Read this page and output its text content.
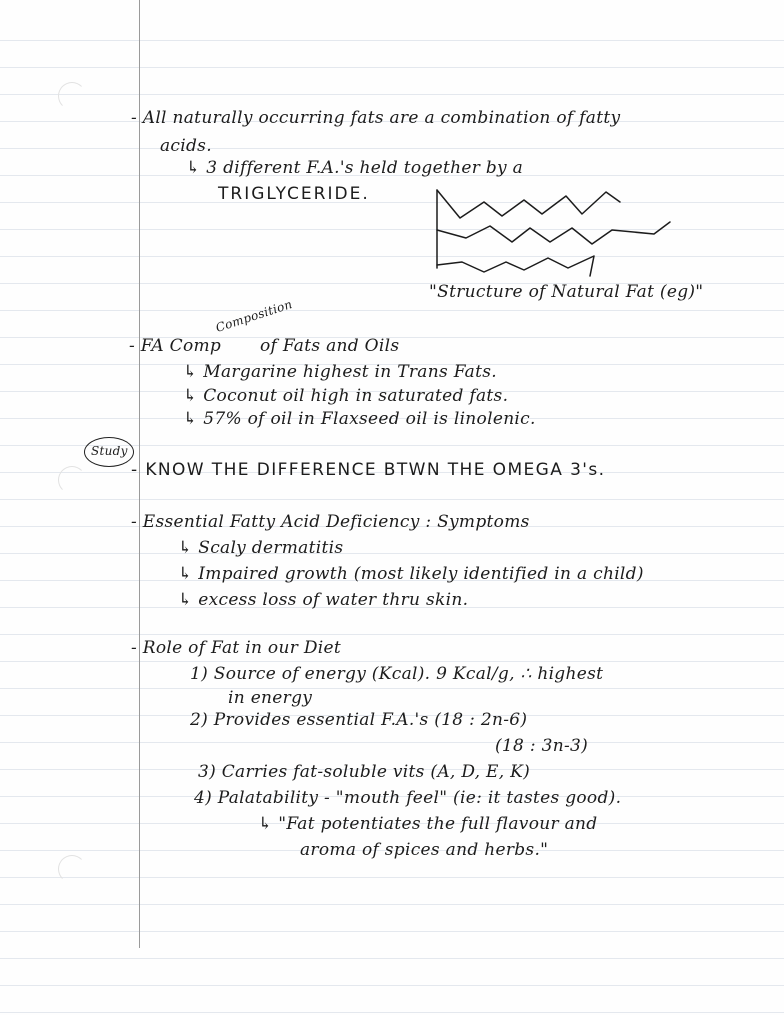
- All naturally occurring fats are a combination of fatty
acids.
↳ 3 different F.A.'s held together by a
TRIGLYCERIDE.
"Structure of Natural Fat (eg)"
- FA Comp
Composition
of Fats and Oils
↳ Margarine highest in Trans Fats.
↳ Coconut oil high in saturated fats.
↳ 57% of oil in Flaxseed oil is linolenic.
Study
- KNOW THE DIFFERENCE BTWN THE OMEGA 3's.
- Essential Fatty Acid Deficiency : Symptoms
↳ Scaly dermatitis
↳ Impaired growth (most likely identified in a child)
↳ excess loss of water thru skin.
- Role of Fat in our Diet
1) Source of energy (Kcal). 9 Kcal/g, ∴ highest
in energy
2) Provides essential F.A.'s (18 : 2n-6)
(18 : 3n-3)
3) Carries fat-soluble vits (A, D, E, K)
4) Palatability - "mouth feel" (ie: it tastes good).
↳ "Fat potentiates the full flavour and
aroma of spices and herbs."
